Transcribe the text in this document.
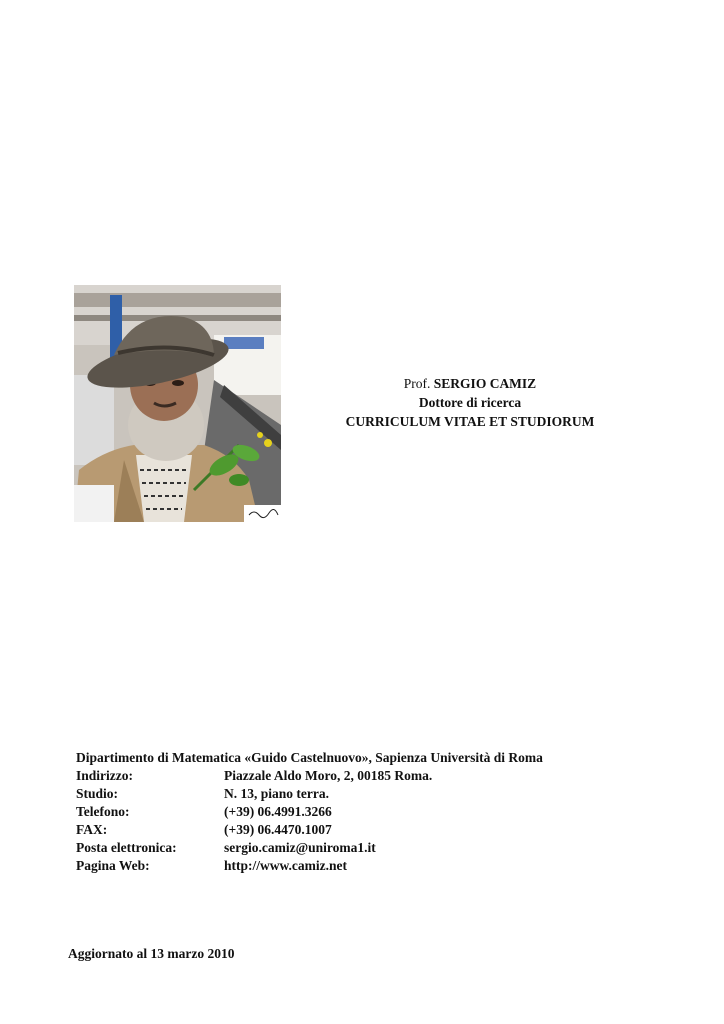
Prof. SERGIO CAMIZ
Dottore di ricerca
CURRICULUM VITAE ET STUDIORUM
Dipartimento di Matematica «Guido Castelnuovo», Sapienza Università di Roma
Indirizzo:	Piazzale Aldo Moro, 2, 00185 Roma.
Studio:	N. 13, piano terra.
Telefono:	(+39) 06.4991.3266
FAX:	(+39) 06.4470.1007
Posta elettronica:	sergio.camiz@uniroma1.it
Pagina Web:	http://www.camiz.net
Aggiornato al 13 marzo 2010
